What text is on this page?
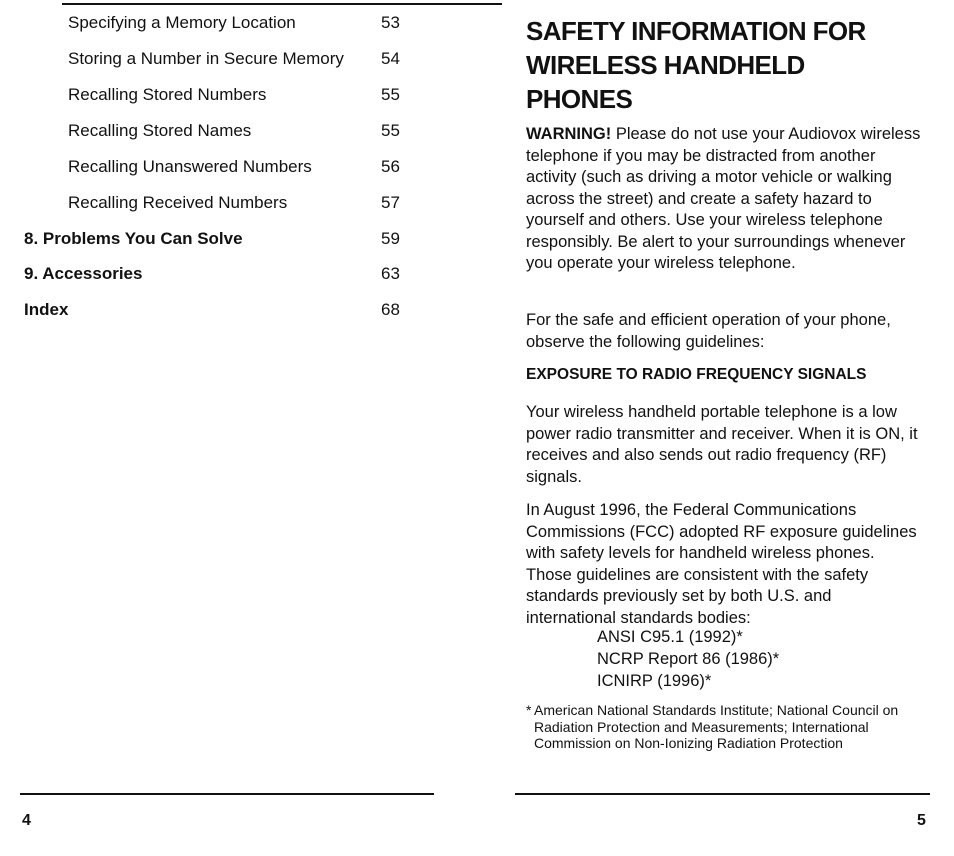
Specifying a Memory Location	53
Storing a Number in Secure Memory 54
Recalling Stored Numbers	55
Recalling Stored Names	55
Recalling Unanswered Numbers	56
Recalling Received Numbers	57
8. Problems You Can Solve	59
9. Accessories	63
Index	68
SAFETY INFORMATION FOR
WIRELESS HANDHELD
PHONES
WARNING! Please do not use your Audiovox wireless telephone if you may be distracted from another activity (such as driving a motor vehicle or walking across the street) and create a safety hazard to yourself and others. Use your wireless telephone responsibly. Be alert to your surroundings whenever you operate your wireless telephone.
For the safe and efficient operation of your phone, observe the following guidelines:
EXPOSURE TO RADIO FREQUENCY SIGNALS
Your wireless handheld portable telephone is a low power radio transmitter and receiver. When it is ON, it receives and also sends out radio frequency (RF) signals.
In August 1996, the Federal Communications Commissions (FCC) adopted RF exposure guidelines with safety levels for handheld wireless phones. Those guidelines are consistent with the safety standards previously set by both U.S. and international standards bodies:
ANSI C95.1 (1992)*
NCRP Report 86 (1986)*
ICNIRP (1996)*
* American National Standards Institute; National Council on Radiation Protection and Measurements; International Commission on Non-Ionizing Radiation Protection
4	5
